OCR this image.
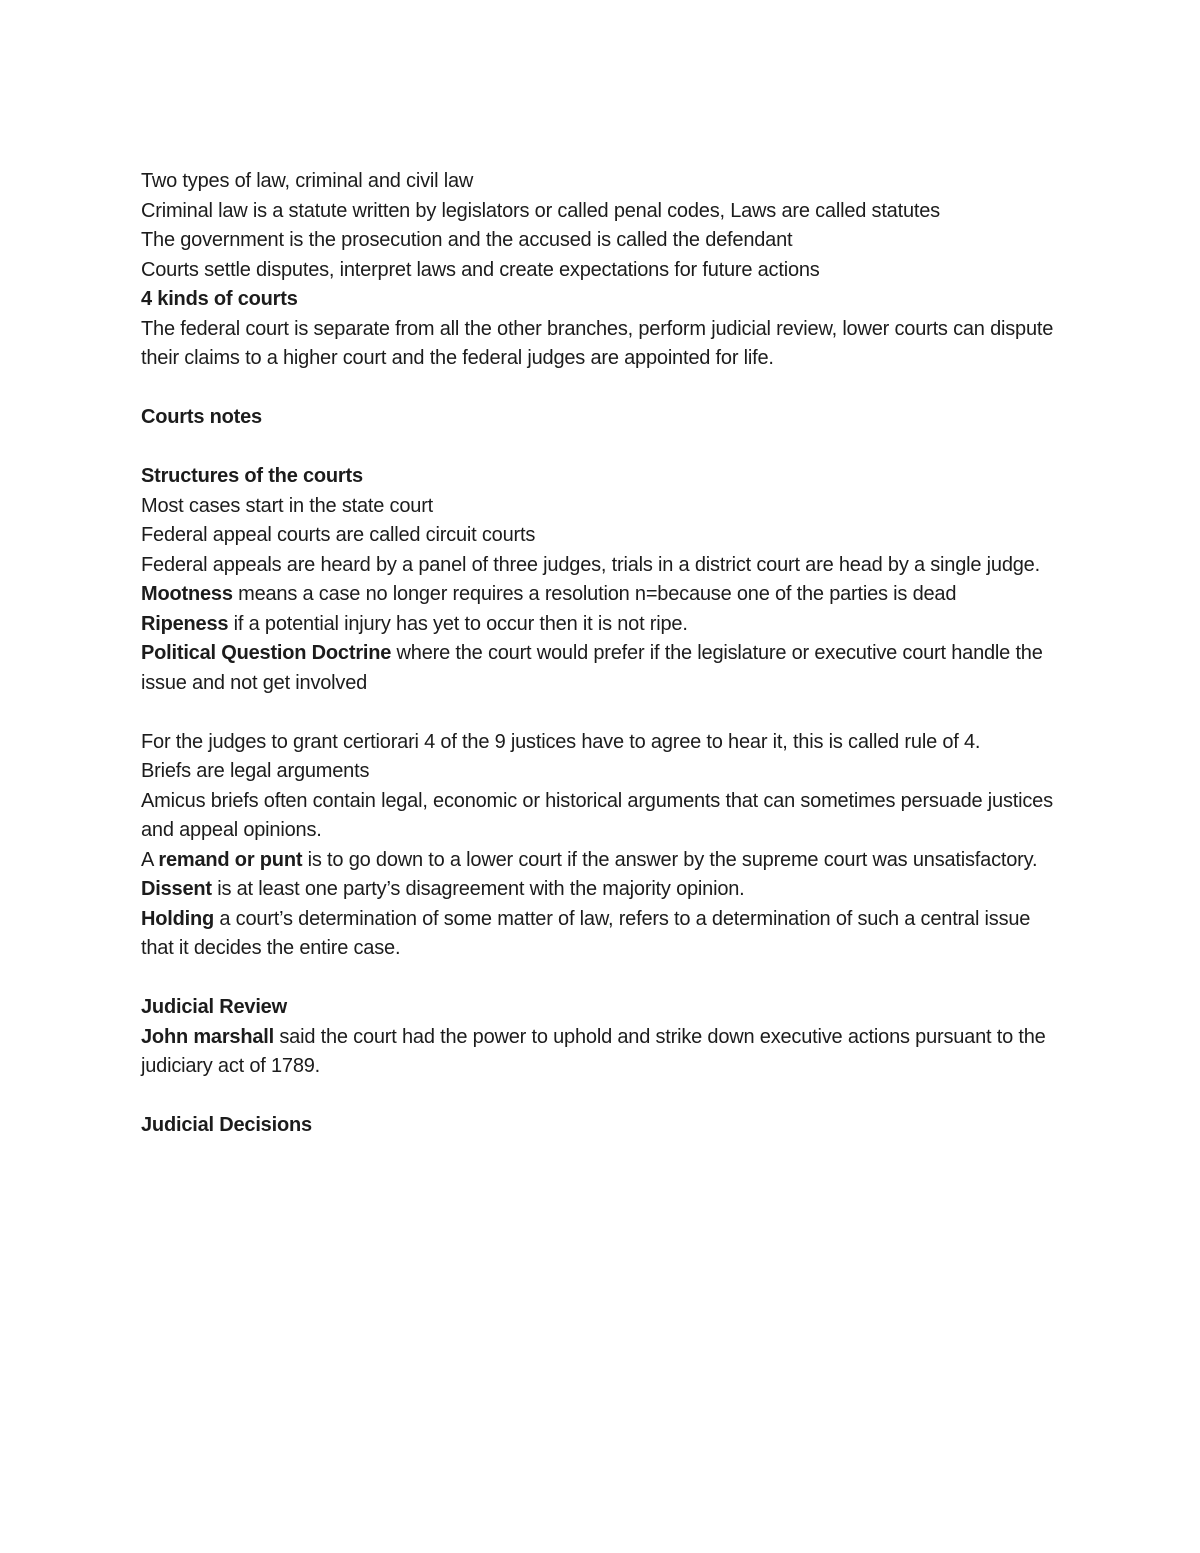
Two types of law, criminal and civil law

Criminal law is a statute written by legislators or called penal codes, Laws are called statutes

The government is the prosecution and the accused is called the defendant

Courts settle disputes, interpret laws and create expectations for future actions

4 kinds of courts

The federal court is separate from all the other branches, perform judicial review, lower courts can dispute their claims to a higher court and the federal judges are appointed for life.

Courts notes

Structures of the courts

Most cases start in the state court

Federal appeal courts are called circuit courts

Federal appeals are heard by a panel of three judges, trials in a district court are head by a single judge.

Mootness means a case no longer requires a resolution n=because one of the parties is dead

Ripeness if a potential injury has yet to occur then it is not ripe.

Political Question Doctrine where the court would prefer if the legislature or executive court handle the issue and not get involved

For the judges to grant certiorari 4 of the 9 justices have to agree to hear it, this is called rule of 4.

Briefs are legal arguments

Amicus briefs often contain legal, economic or historical arguments that can sometimes persuade justices and appeal opinions.

A remand or punt is to go down to a lower court if the answer by the supreme court was unsatisfactory.

Dissent is at least one party’s disagreement with the majority opinion.

Holding a court’s determination of some matter of law, refers to a determination of such a central issue that it decides the entire case.

Judicial Review

John marshall said the court had the power to uphold and strike down executive actions pursuant to the judiciary act of 1789.

Judicial Decisions
